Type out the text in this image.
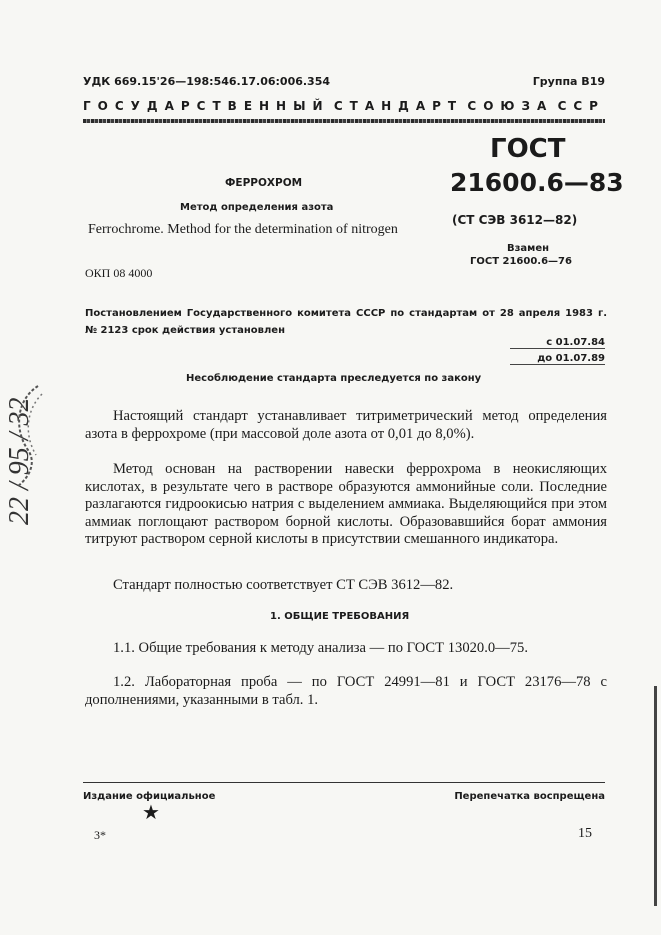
УДК 669.15'26—198:546.17.06:006.354	Группа В19
ГОСУДАРСТВЕННЫЙ СТАНДАРТ СОЮЗА ССР
ГОСТ
21600.6—83
(СТ СЭВ 3612—82)
Взамен
ГОСТ 21600.6—76
ФЕРРОХРОМ
Метод определения азота
Ferrochrome. Method for the determination of nitrogen
ОКП 08 4000
Постановлением Государственного комитета СССР по стандартам от 28 апреля 1983 г. № 2123 срок действия установлен
с 01.07.84
до 01.07.89
Несоблюдение стандарта преследуется по закону

Настоящий стандарт устанавливает титриметрический метод определения азота в феррохроме (при массовой доле азота от 0,01 до 8,0%).

Метод основан на растворении навески феррохрома в неокисляющих кислотах, в результате чего в растворе образуются аммонийные соли. Последние разлагаются гидроокисью натрия с выделением аммиака. Выделяющийся при этом аммиак поглощают раствором борной кислоты. Образовавшийся борат аммония титруют раствором серной кислоты в присутствии смешанного индикатора.

Стандарт полностью соответствует СТ СЭВ 3612—82.

1. ОБЩИЕ ТРЕБОВАНИЯ

1.1. Общие требования к методу анализа — по ГОСТ 13020.0—75.

1.2. Лабораторная проба — по ГОСТ 24991—81 и ГОСТ 23176—78 с дополнениями, указанными в табл. 1.

Издание официальное	Перепечатка воспрещена
★
3*	15
22 / 95 / 32
